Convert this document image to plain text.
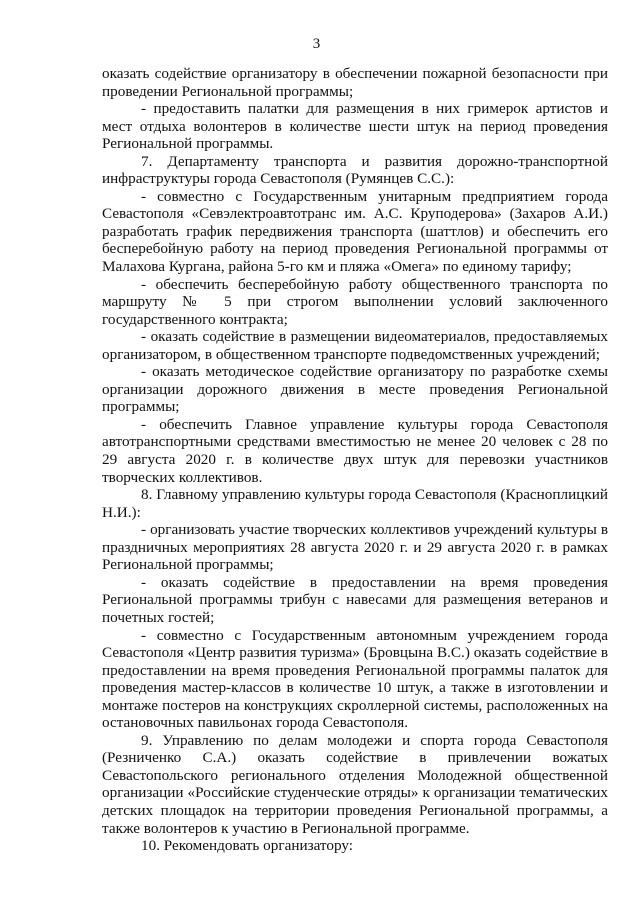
3

оказать содействие организатору в обеспечении пожарной безопасности при проведении Региональной программы;

- предоставить палатки для размещения в них гримерок артистов и мест отдыха волонтеров в количестве шести штук на период проведения Региональной программы.

7. Департаменту транспорта и развития дорожно-транспортной инфраструктуры города Севастополя (Румянцев С.С.):

- совместно с Государственным унитарным предприятием города Севастополя «Севэлектроавтотранс им. А.С. Круподерова» (Захаров А.И.) разработать график передвижения транспорта (шаттлов) и обеспечить его бесперебойную работу на период проведения Региональной программы от Малахова Кургана, района 5-го км и пляжа «Омега» по единому тарифу;

- обеспечить бесперебойную работу общественного транспорта по маршруту № 5 при строгом выполнении условий заключенного государственного контракта;

- оказать содействие в размещении видеоматериалов, предоставляемых организатором, в общественном транспорте подведомственных учреждений;

- оказать методическое содействие организатору по разработке схемы организации дорожного движения в месте проведения Региональной программы;

- обеспечить Главное управление культуры города Севастополя автотранспортными средствами вместимостью не менее 20 человек с 28 по 29 августа 2020 г. в количестве двух штук для перевозки участников творческих коллективов.

8. Главному управлению культуры города Севастополя (Красноплицкий Н.И.):

- организовать участие творческих коллективов учреждений культуры в праздничных мероприятиях 28 августа 2020 г. и 29 августа 2020 г. в рамках Региональной программы;

- оказать содействие в предоставлении на время проведения Региональной программы трибун с навесами для размещения ветеранов и почетных гостей;

- совместно с Государственным автономным учреждением города Севастополя «Центр развития туризма» (Бровцына В.С.) оказать содействие в предоставлении на время проведения Региональной программы палаток для проведения мастер-классов в количестве 10 штук, а также в изготовлении и монтаже постеров на конструкциях скроллерной системы, расположенных на остановочных павильонах города Севастополя.

9. Управлению по делам молодежи и спорта города Севастополя (Резниченко С.А.) оказать содействие в привлечении вожатых Севастопольского регионального отделения Молодежной общественной организации «Российские студенческие отряды» к организации тематических детских площадок на территории проведения Региональной программы, а также волонтеров к участию в Региональной программе.

10. Рекомендовать организатору:
